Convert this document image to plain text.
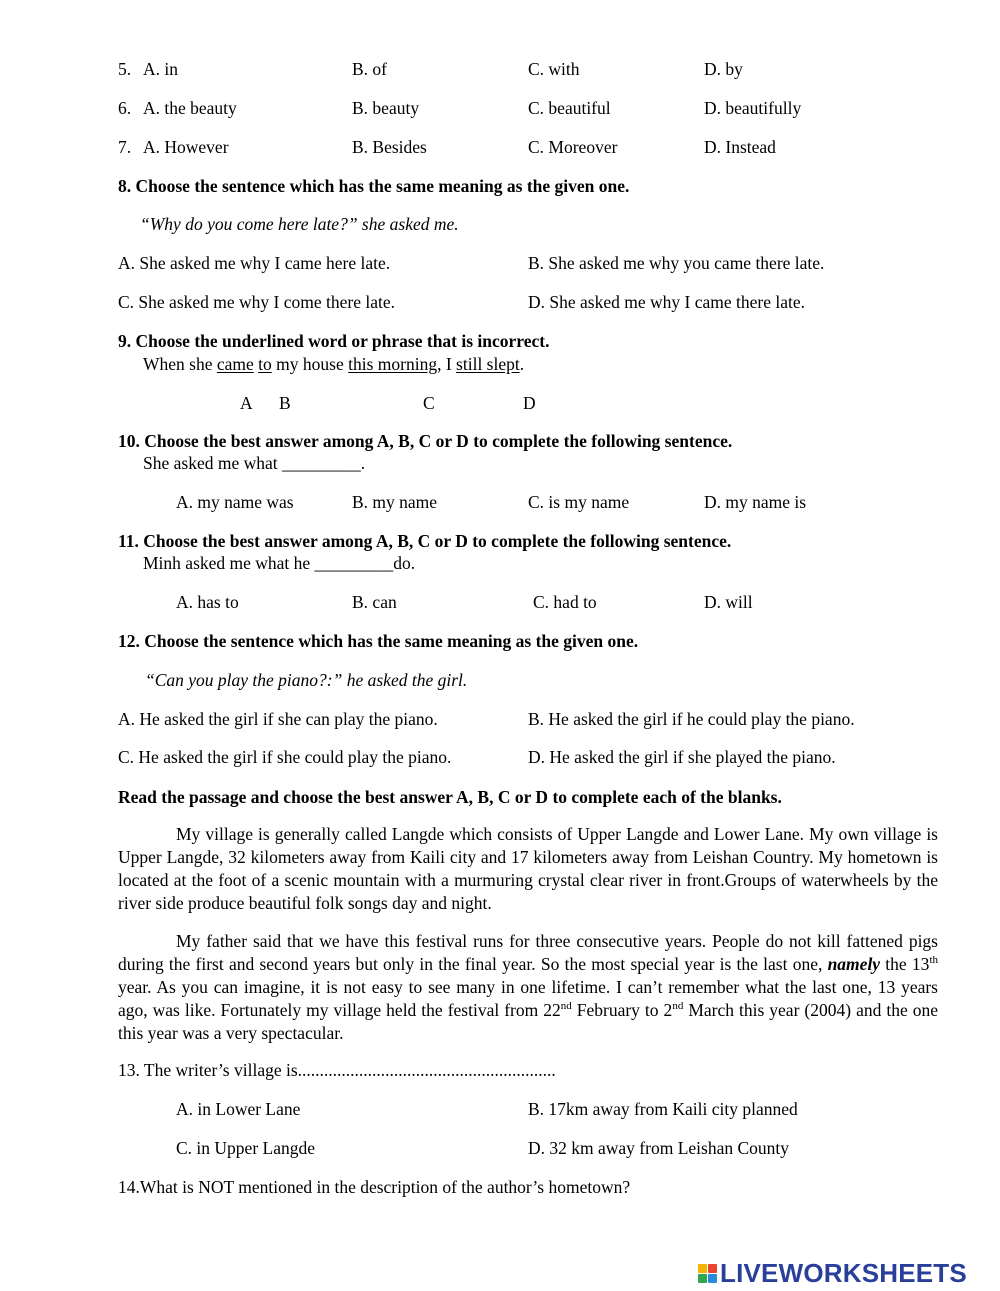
5. A. in	B. of	C. with	D. by
6. A. the beauty	B. beauty	C. beautiful	D. beautifully
7. A. However	B. Besides	C. Moreover	D. Instead
8. Choose the sentence which has the same meaning as the given one.
“Why do you come here late?” she asked me.
A. She asked me why I came here late.	B. She asked me why you came there late.
C. She asked me why I come there late.	D. She asked me why I came there late.
9. Choose the underlined word or phrase that is incorrect.
When she came to my house this morning, I still slept.
A B	C	D
10. Choose the best answer among A, B, C or D to complete the following sentence.
She asked me what _________.
A. my name was	B. my name	C. is my name	D. my name is
11. Choose the best answer among A, B, C or D to complete the following sentence.
Minh asked me what he _________do.
A. has to	B. can	C. had to	D. will
12. Choose the sentence which has the same meaning as the given one.
“Can you play the piano?:” he asked the girl.
A. He asked the girl if she can play the piano.	B. He asked the girl if he could play the piano.
C. He asked the girl if she could play the piano.	D. He asked the girl if she played the piano.
Read the passage and choose the best answer A, B, C or D to complete each of the blanks.

My village is generally called Langde which consists of Upper Langde and Lower Lane. My own village is Upper Langde, 32 kilometers away from Kaili city and 17 kilometers away from Leishan Country. My hometown is located at the foot of a scenic mountain with a murmuring crystal clear river in front.Groups of waterwheels by the river side produce beautiful folk songs day and night.

My father said that we have this festival runs for three consecutive years. People do not kill fattened pigs during the first and second years but only in the final year. So the most special year is the last one, namely the 13th year. As you can imagine, it is not easy to see many in one lifetime. I can’t remember what the last one, 13 years ago, was like. Fortunately my village held the festival from 22nd February to 2nd March this year (2004) and the one this year was a very spectacular.

13. The writer’s village is...........................................................
A. in Lower Lane	B. 17km away from Kaili city planned
C. in Upper Langde	D. 32 km away from Leishan County
14.What is NOT mentioned in the description of the author’s hometown?
LIVEWORKSHEETS
